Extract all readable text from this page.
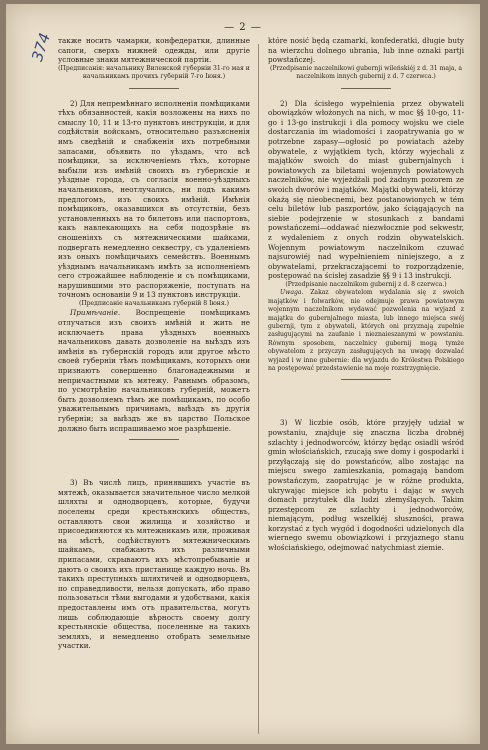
374
— 2 —

также носить чамарки, конфедератки, длинные сапоги, сверхъ нижней одежды, или другіе условные знаки мятежнической партіи.

(Предписанія: начальнику Виленской губерніи 31-го мая и начальникамъ прочихъ губерній 7-го Іюня.)

2) Для непремѣннаго исполненія помѣщиками тѣхъ обязанностей, какія возложены на нихъ по смыслу 10, 11 и 13-го пунктовъ инструкціи, и для содѣйствія войскамъ, относительно разъясненія имъ сведѣній и снабженія ихъ потребными запасами, объявить по уѣздамъ, что всѣ помѣщики, за исключеніемъ тѣхъ, которые выбыли изъ имѣній своихъ въ губернскіе и уѣздные города, съ согласія военно-уѣздныхъ начальниковъ, неотлучались, ни подъ какимъ предлогомъ, изъ своихъ имѣній. Имѣнія помѣщиковъ, оказавшихся въ отсутствіи, безъ установленныхъ на то билетовъ или паспортовъ, какъ навлекающихъ на себя подозрѣніе въ сношеніяхъ съ мятежническими шайками, подвергать немедленно секвестру, съ удаленіемъ изъ оныхъ помѣщичьихъ семействъ. Военнымъ уѣзднымъ начальникамъ имѣть за исполненіемъ сего строжайшее наблюденіе и съ помѣщиками, нарушившими это распоряженіе, поступать на точномъ основаніи 9 и 13 пунктовъ инструкціи.

(Предписаніе начальникамъ губерній 8 Іюня.)

Примѣчаніе. Воспрещеніе помѣщикамъ отлучаться изъ своихъ имѣній и жить не исключаетъ права уѣздныхъ военныхъ начальниковъ давать дозволеніе на выѣздъ изъ имѣнія въ губернскій городъ или другое мѣсто своей губерніи тѣмъ помѣщикамъ, которыхъ они признаютъ совершенно благонадежными и непричастными къ мятежу. Равнымъ образомъ, по усмотрѣнію начальниковъ губерній, можетъ быть дозволяемъ тѣмъ же помѣщикамъ, по особо уважительнымъ причинамъ, выѣздъ въ другія губерніи; за выѣздъ же въ царство Польское должно быть испрашиваемо мое разрѣшеніе.

3) Въ числѣ лицъ, принявшихъ участіе въ мятежѣ, оказывается значительное число мелкой шляхты и однодворцевъ, которые, будучи поселены среди крестьянскихъ обществъ, оставляютъ свои жилища и хозяйство и присоединяются къ мятежникамъ или, проживая на мѣстѣ, содѣйствуютъ мятежническимъ шайкамъ, снабжаютъ ихъ различными припасами, скрываютъ ихъ мѣстопребываніе и даютъ о своихъ ихъ пристанище каждую ночь. Въ такихъ преступныхъ шляхтичей и однодворцевъ, по справедливости, нельзя допускать, ибо право пользоваться тѣми выгодами и удобствами, какія предоставлены имъ отъ правительства, могутъ лишь соблюдающіе вѣрность своему долгу крестьянскіе общества, поселенные на такихъ земляхъ, и немедленно отобрать земельные участки.

które nosić będą czamarki, konfederatki, długie buty na wierzchu dolnego ubrania, lub inne oznaki partji powstańczej.

(Przedpisanie naczelnikowi gubernji wileńskiéj z d. 31 maja, a naczelnikom innych gubernij z d. 7 czerwca.)

2) Dla ścisłego wypełnienia przez obywateli obowiązków włożonych na nich, w moc §§ 10-go, 11-go i 13-go instrukcji i dla pomocy wojsku we ciele dostarczania im wiadomości i zaopatrywania go w potrzebne zapasy—ogłosić po powiatach ażeby obywatele, z wyjątkiem tych, którzy wyjechali z majątków swoich do miast gubernjalnych i powiatowych za biletami wojennych powiatowych naczelników, nie wyjeżdżali pod żadnym pozorem ze swoich dworów i majątków. Majątki obywateli, którzy okażą się nieobecnemi, bez postanowionych w tém celu biletów lub paszportów, jako ściągających na siebie podejrzenie w stosunkach z bandami powstańczemi—oddawać niezwłocznie pod sekwestr, z wydaleniem z onych rodzin obywatelskich. Wojennym powiatowym naczelnikom czuwać najsurowiéj nad wypełnieniem niniejszego, a z obywatelami, przekraczającemi to rozporządzenie, postępować na ścisłej zasadzie §§ 9 i 13 instrukcji.

(Przedpisanie naczelnikom gubernij z d. 8 czerwca.)

Uwaga. Zakaz obywatelom wydalania się z swoich majątków i folwarków, nie odejmuje prawa powiatowym wojennym naczelnikom wydawać pozwolenia na wyjazd z majątku do gubernjalnego miasta, lub innego miejsca swéj gubernji, tym z obywateli, których oni przyznają zupełnie zasługującymi na zaufanie i nieznaieszanymi w powstaniu. Równym sposobem, naczelnicy gubernij mogą tymże obywatelom z przyczyn zasługujących na uwagę dozwalać wyjazd i w inne gubernie: dla wyjazdu do Królestwa Polskiego na postępować przedstawienie na moje rozstrzygnięcie.

3) W liczbie osób, które przyjęły udział w powstaniu, znajduje się znaczna liczba drobnéj szlachty i jednodworców, którzy będąc osiadli wśród gmin włościańskich, rzucają swe domy i gospodarki i przyłączają się do powstańców, albo zostając na miejscu swego zamieszkania, pomagają bandom powstańczym, zaopatrując je w różne produkta, ukrywając miejsce ich pobytu i dając w swych domach przytułek dla ludzi złemyślących. Takim przestępcom ze szlachty i jednodworców, niemającym, podług wszelkiéj słuszności, prawa korzystać z tych wygód i dogodności udzielonych dla wiernego swemu obowiązkowi i przyjaznego stanu włościańskiego, odejmować natychmiast ziemie.
